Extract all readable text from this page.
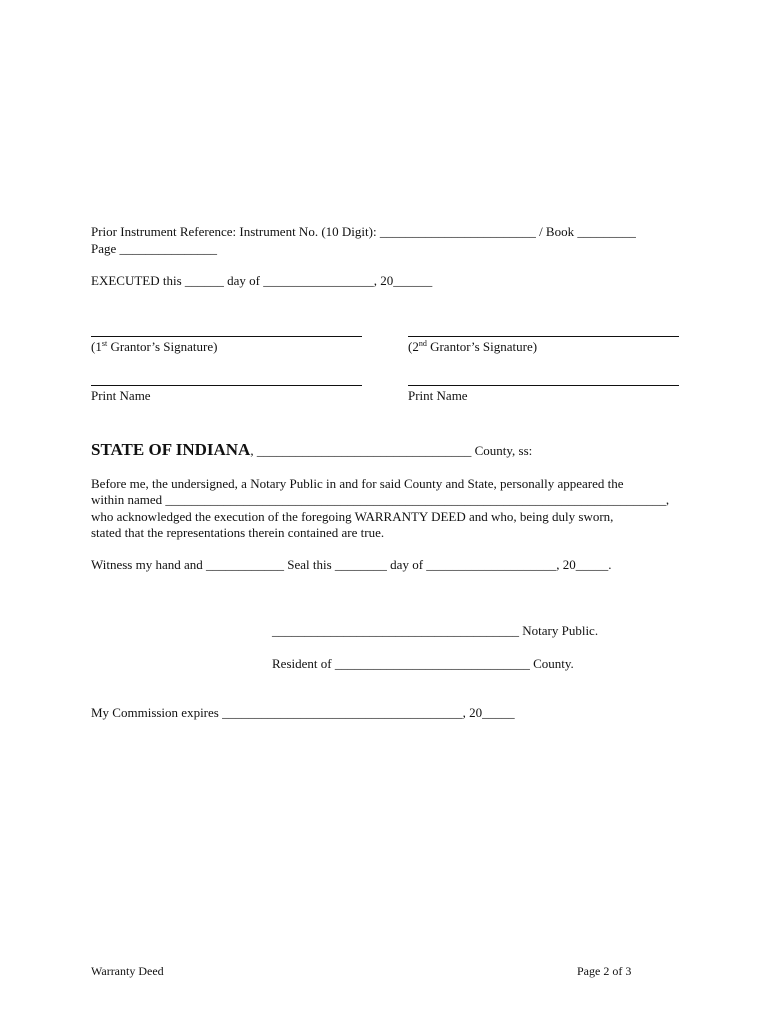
Prior Instrument Reference: Instrument No. (10 Digit): ________________________ / Book _________
Page _______________
EXECUTED this ______ day of _________________, 20______
(1st Grantor’s Signature)	(2nd Grantor’s Signature)
Print Name	Print Name
STATE OF INDIANA, _________________________________ County, ss:
Before me, the undersigned, a Notary Public in and for said County and State, personally appeared the
within named _____________________________________________________________________________,
who acknowledged the execution of the foregoing WARRANTY DEED and who, being duly sworn,
stated that the representations therein contained are true.
Witness my hand and ____________ Seal this ________ day of ____________________, 20_____.
______________________________________ Notary Public.
Resident of ______________________________ County.
My Commission expires _____________________________________, 20_____
Warranty Deed	Page 2 of 3
